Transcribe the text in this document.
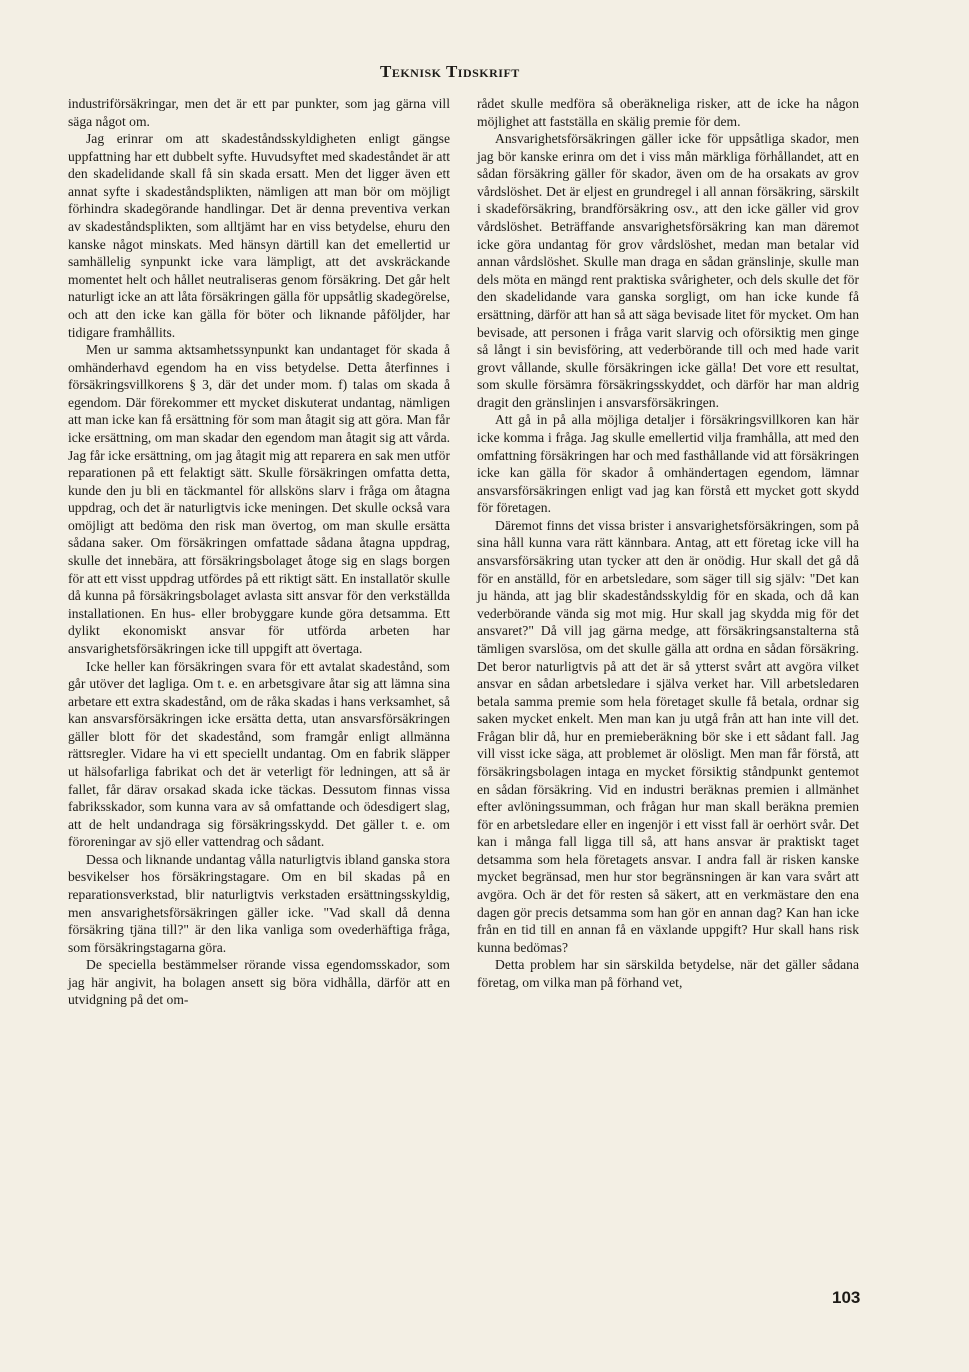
Teknisk Tidskrift

industriförsäkringar, men det är ett par punkter, som jag gärna vill säga något om.

Jag erinrar om att skadeståndsskyldigheten enligt gängse uppfattning har ett dubbelt syfte. Huvudsyftet med skadeståndet är att den skadelidande skall få sin skada ersatt. Men det ligger även ett annat syfte i skadeståndsplikten, nämligen att man bör om möjligt förhindra skadegörande handlingar. Det är denna preventiva verkan av skadeståndsplikten, som alltjämt har en viss betydelse, ehuru den kanske något minskats. Med hänsyn därtill kan det emellertid ur samhällelig synpunkt icke vara lämpligt, att det avskräckande momentet helt och hållet neutraliseras genom försäkring. Det går helt naturligt icke an att låta försäkringen gälla för uppsåtlig skadegörelse, och att den icke kan gälla för böter och liknande påföljder, har tidigare framhållits.

Men ur samma aktsamhetssynpunkt kan undantaget för skada å omhänderhavd egendom ha en viss betydelse. Detta återfinnes i försäkringsvillkorens § 3, där det under mom. f) talas om skada å egendom. Där förekommer ett mycket diskuterat undantag, nämligen att man icke kan få ersättning för som man åtagit sig att göra. Man får icke ersättning, om man skadar den egendom man åtagit sig att vårda. Jag får icke ersättning, om jag åtagit mig att reparera en sak men utför reparationen på ett felaktigt sätt. Skulle försäkringen omfatta detta, kunde den ju bli en täckmantel för allsköns slarv i fråga om åtagna uppdrag, och det är naturligtvis icke meningen. Det skulle också vara omöjligt att bedöma den risk man övertog, om man skulle ersätta sådana saker. Om försäkringen omfattade sådana åtagna uppdrag, skulle det innebära, att försäkringsbolaget åtoge sig en slags borgen för att ett visst uppdrag utfördes på ett riktigt sätt. En installatör skulle då kunna på försäkringsbolaget avlasta sitt ansvar för den verkställda installationen. En hus- eller brobyggare kunde göra detsamma. Ett dylikt ekonomiskt ansvar för utförda arbeten har ansvarighetsförsäkringen icke till uppgift att övertaga.

Icke heller kan försäkringen svara för ett avtalat skadestånd, som går utöver det lagliga. Om t. e. en arbetsgivare åtar sig att lämna sina arbetare ett extra skadestånd, om de råka skadas i hans verksamhet, så kan ansvarsförsäkringen icke ersätta detta, utan ansvarsförsäkringen gäller blott för det skadestånd, som framgår enligt allmänna rättsregler. Vidare ha vi ett speciellt undantag. Om en fabrik släpper ut hälsofarliga fabrikat och det är veterligt för ledningen, att så är fallet, får därav orsakad skada icke täckas. Dessutom finnas vissa fabriksskador, som kunna vara av så omfattande och ödesdigert slag, att de helt undandraga sig försäkringsskydd. Det gäller t. e. om föroreningar av sjö eller vattendrag och sådant.

Dessa och liknande undantag vålla naturligtvis ibland ganska stora besvikelser hos försäkringstagare. Om en bil skadas på en reparationsverkstad, blir naturligtvis verkstaden ersättningsskyldig, men ansvarighetsförsäkringen gäller icke. "Vad skall då denna försäkring tjäna till?" är den lika vanliga som ovederhäftiga fråga, som försäkringstagarna göra.

De speciella bestämmelser rörande vissa egendomsskador, som jag här angivit, ha bolagen ansett sig böra vidhålla, därför att en utvidgning på det om-

rådet skulle medföra så oberäkneliga risker, att de icke ha någon möjlighet att fastställa en skälig premie för dem.

Ansvarighetsförsäkringen gäller icke för uppsåtliga skador, men jag bör kanske erinra om det i viss mån märkliga förhållandet, att en sådan försäkring gäller för skador, även om de ha orsakats av grov vårdslöshet. Det är eljest en grundregel i all annan försäkring, särskilt i skadeförsäkring, brandförsäkring osv., att den icke gäller vid grov vårdslöshet. Beträffande ansvarighetsförsäkring kan man däremot icke göra undantag för grov vårdslöshet, medan man betalar vid annan vårdslöshet. Skulle man draga en sådan gränslinje, skulle man dels möta en mängd rent praktiska svårigheter, och dels skulle det för den skadelidande vara ganska sorgligt, om han icke kunde få ersättning, därför att han så att säga bevisade litet för mycket. Om han bevisade, att personen i fråga varit slarvig och oförsiktig men ginge så långt i sin bevisföring, att vederbörande till och med hade varit grovt vållande, skulle försäkringen icke gälla! Det vore ett resultat, som skulle försämra försäkringsskyddet, och därför har man aldrig dragit den gränslinjen i ansvarsförsäkringen.

Att gå in på alla möjliga detaljer i försäkringsvillkoren kan här icke komma i fråga. Jag skulle emellertid vilja framhålla, att med den omfattning försäkringen har och med fasthållande vid att försäkringen icke kan gälla för skador å omhändertagen egendom, lämnar ansvarsförsäkringen enligt vad jag kan förstå ett mycket gott skydd för företagen.

Däremot finns det vissa brister i ansvarighetsförsäkringen, som på sina håll kunna vara rätt kännbara. Antag, att ett företag icke vill ha ansvarsförsäkring utan tycker att den är onödig. Hur skall det gå då för en anställd, för en arbetsledare, som säger till sig själv: "Det kan ju hända, att jag blir skadeståndsskyldig för en skada, och då kan vederbörande vända sig mot mig. Hur skall jag skydda mig för det ansvaret?" Då vill jag gärna medge, att försäkringsanstalterna stå tämligen svarslösa, om det skulle gälla att ordna en sådan försäkring. Det beror naturligtvis på att det är så ytterst svårt att avgöra vilket ansvar en sådan arbetsledare i själva verket har. Vill arbetsledaren betala samma premie som hela företaget skulle få betala, ordnar sig saken mycket enkelt. Men man kan ju utgå från att han inte vill det. Frågan blir då, hur en premieberäkning bör ske i ett sådant fall. Jag vill visst icke säga, att problemet är olösligt. Men man får förstå, att försäkringsbolagen intaga en mycket försiktig ståndpunkt gentemot en sådan försäkring. Vid en industri beräknas premien i allmänhet efter avlöningssumman, och frågan hur man skall beräkna premien för en arbetsledare eller en ingenjör i ett visst fall är oerhört svår. Det kan i många fall ligga till så, att hans ansvar är praktiskt taget detsamma som hela företagets ansvar. I andra fall är risken kanske mycket begränsad, men hur stor begränsningen är kan vara svårt att avgöra. Och är det för resten så säkert, att en verkmästare den ena dagen gör precis detsamma som han gör en annan dag? Kan han icke från en tid till en annan få en växlande uppgift? Hur skall hans risk kunna bedömas?

Detta problem har sin särskilda betydelse, när det gäller sådana företag, om vilka man på förhand vet,

103
